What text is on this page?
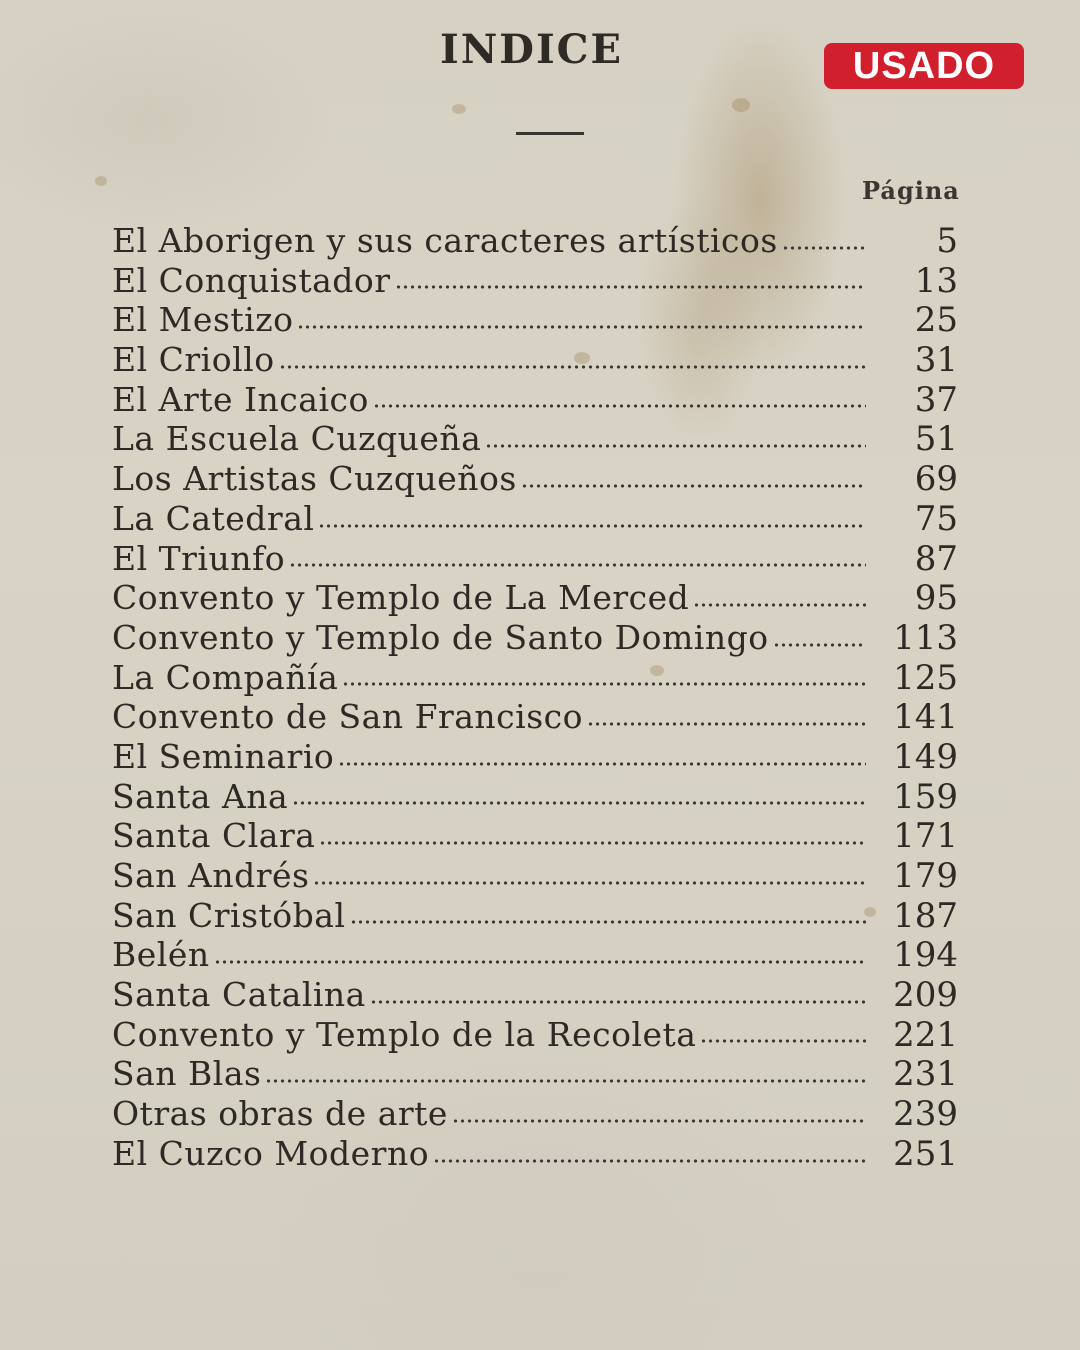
INDICE	USADO
Página
El Aborigen y sus caracteres artísticos	5
El Conquistador	13
El Mestizo	25
El Criollo	31
El Arte Incaico	37
La Escuela Cuzqueña	51
Los Artistas Cuzqueños	69
La Catedral	75
El Triunfo	87
Convento y Templo de La Merced	95
Convento y Templo de Santo Domingo	113
La Compañía	125
Convento de San Francisco	141
El Seminario	149
Santa Ana	159
Santa Clara	171
San Andrés	179
San Cristóbal	187
Belén	194
Santa Catalina	209
Convento y Templo de la Recoleta	221
San Blas	231
Otras obras de arte	239
El Cuzco Moderno	251
